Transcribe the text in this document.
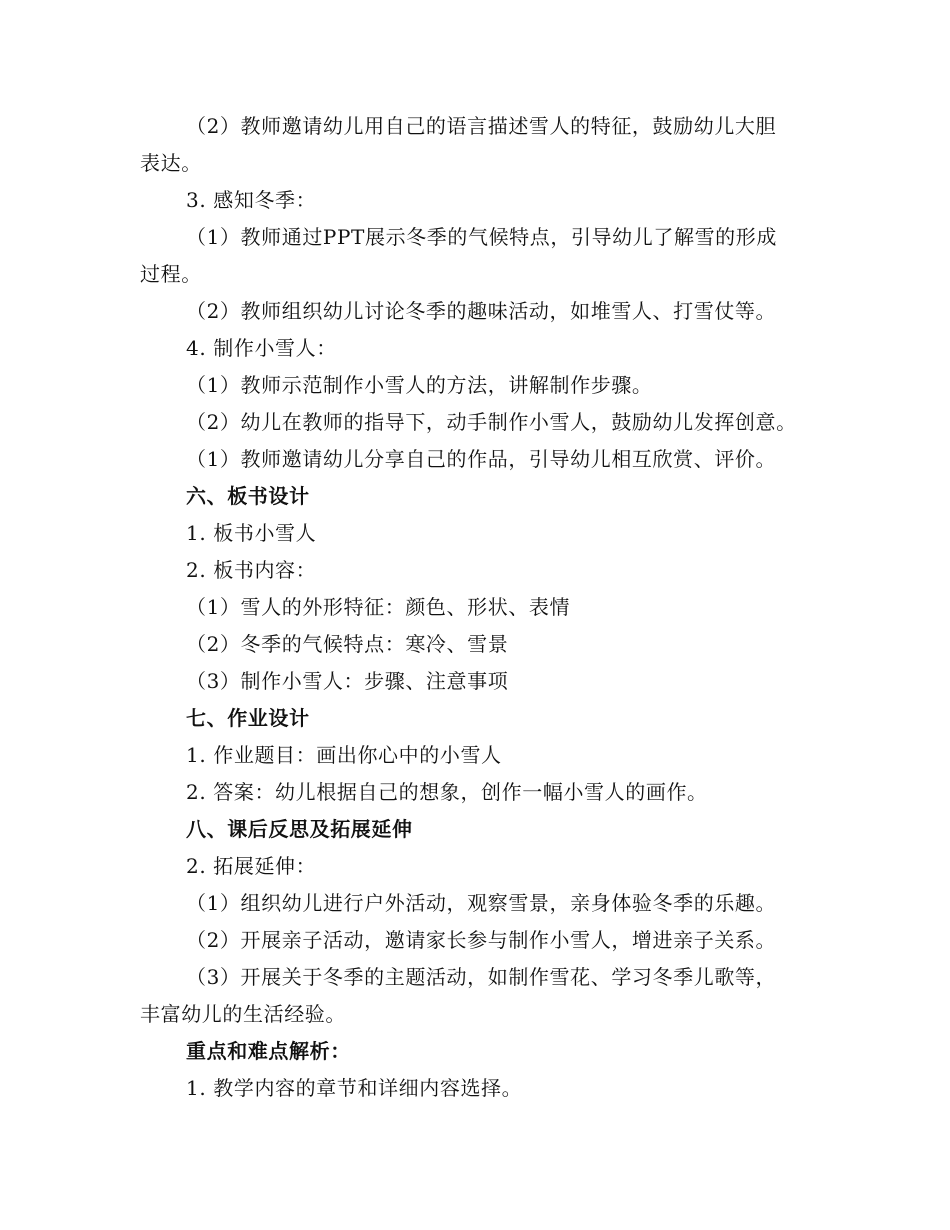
（2）教师邀请幼儿用自己的语言描述雪人的特征，鼓励幼儿大胆
表达。
3. 感知冬季：
（1）教师通过PPT展示冬季的气候特点，引导幼儿了解雪的形成
过程。
（2）教师组织幼儿讨论冬季的趣味活动，如堆雪人、打雪仗等。
4. 制作小雪人：
（1）教师示范制作小雪人的方法，讲解制作步骤。
（2）幼儿在教师的指导下，动手制作小雪人，鼓励幼儿发挥创意。
（1）教师邀请幼儿分享自己的作品，引导幼儿相互欣赏、评价。
六、板书设计
1. 板书小雪人
2. 板书内容：
（1）雪人的外形特征：颜色、形状、表情
（2）冬季的气候特点：寒冷、雪景
（3）制作小雪人：步骤、注意事项
七、作业设计
1. 作业题目：画出你心中的小雪人
2. 答案：幼儿根据自己的想象，创作一幅小雪人的画作。
八、课后反思及拓展延伸
2. 拓展延伸：
（1）组织幼儿进行户外活动，观察雪景，亲身体验冬季的乐趣。
（2）开展亲子活动，邀请家长参与制作小雪人，增进亲子关系。
（3）开展关于冬季的主题活动，如制作雪花、学习冬季儿歌等，
丰富幼儿的生活经验。
重点和难点解析：
1. 教学内容的章节和详细内容选择。
